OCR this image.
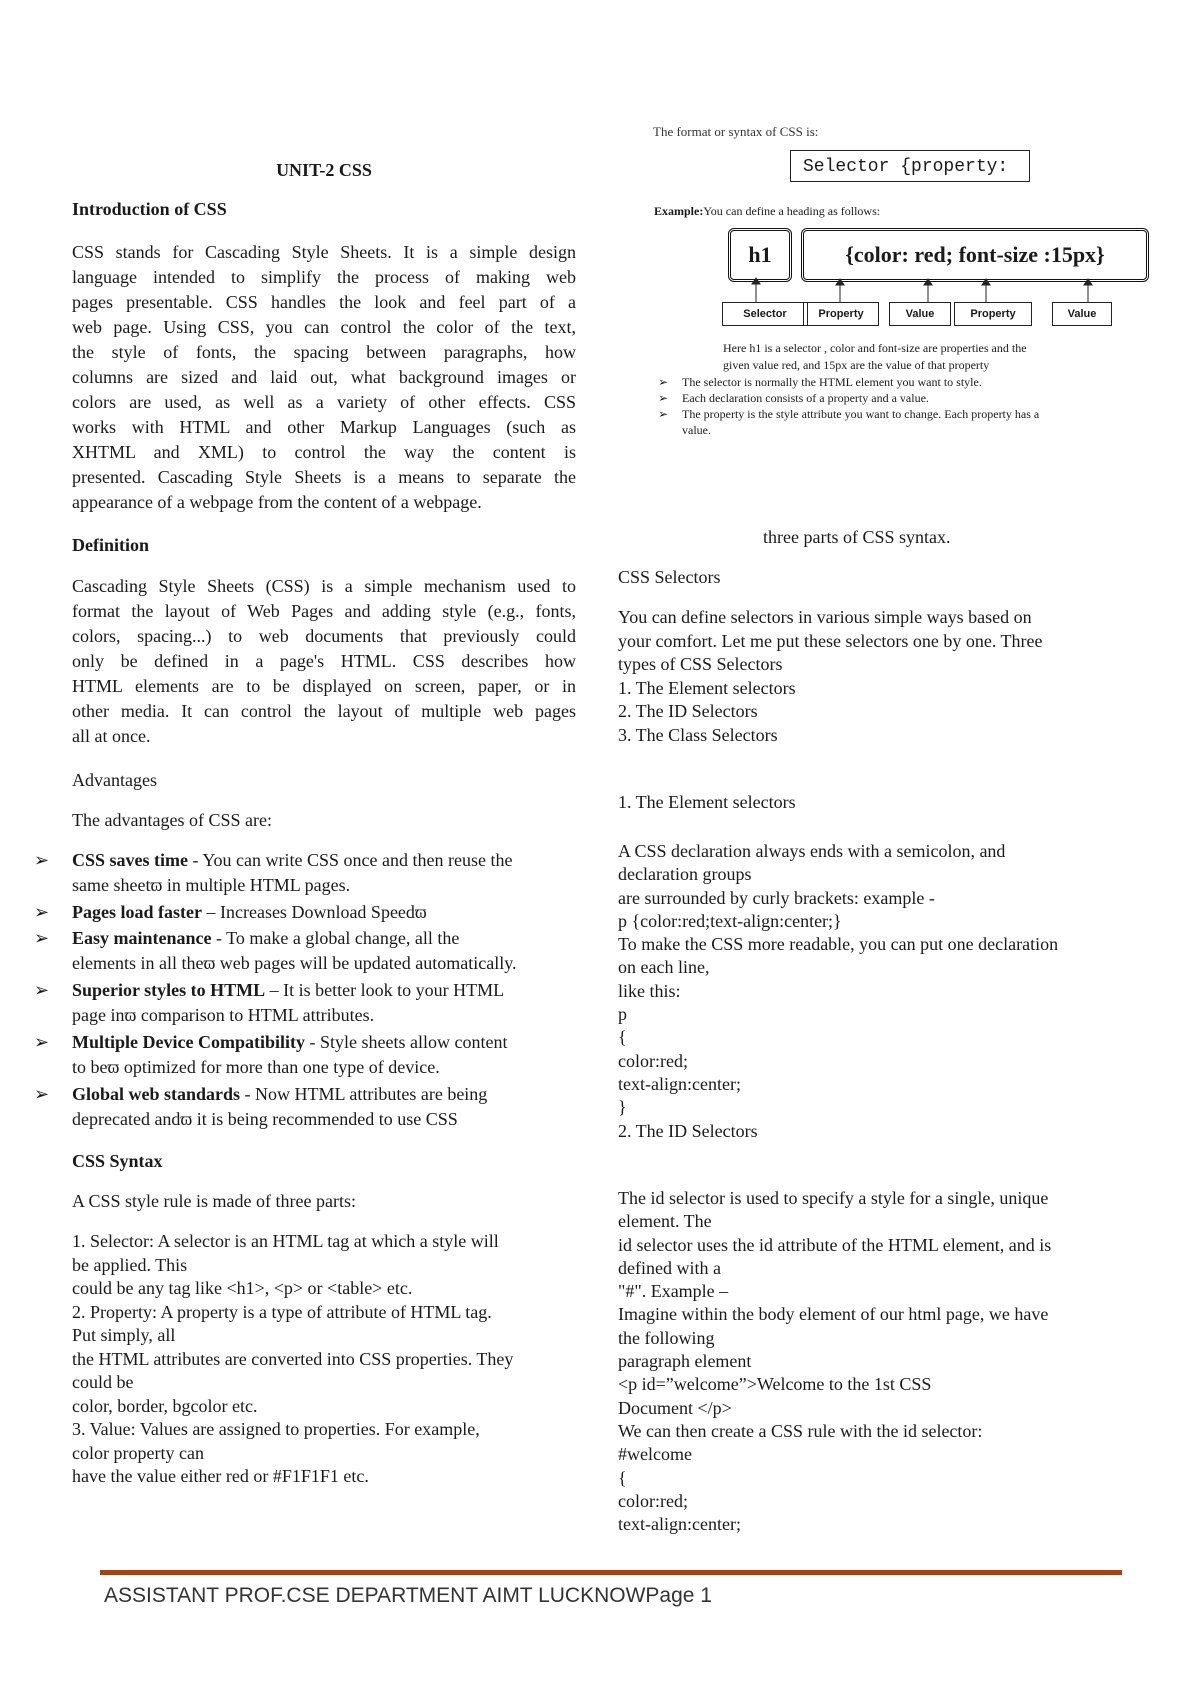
UNIT-2 CSS
Introduction of CSS
CSS stands for Cascading Style Sheets. It is a simple design
language intended to simplify the process of making web
pages presentable. CSS handles the look and feel part of a
web page. Using CSS, you can control the color of the text,
the style of fonts, the spacing between paragraphs, how
columns are sized and laid out, what background images or
colors are used, as well as a variety of other effects. CSS
works with HTML and other Markup Languages (such as
XHTML and XML) to control the way the content is
presented. Cascading Style Sheets is a means to separate the
appearance of a webpage from the content of a webpage.
Definition
Cascading Style Sheets (CSS) is a simple mechanism used to
format the layout of Web Pages and adding style (e.g., fonts,
colors, spacing...) to web documents that previously could
only be defined in a page's HTML. CSS describes how
HTML elements are to be displayed on screen, paper, or in
other media. It can control the layout of multiple web pages
all at once.
Advantages
The advantages of CSS are:
➢ CSS saves time - You can write CSS once and then reuse the
same sheetϖ in multiple HTML pages.
➢ Pages load faster – Increases Download Speedϖ
➢ Easy maintenance - To make a global change, all the
elements in all theϖ web pages will be updated automatically.
➢ Superior styles to HTML – It is better look to your HTML
page inϖ comparison to HTML attributes.
➢ Multiple Device Compatibility - Style sheets allow content
to beϖ optimized for more than one type of device.
➢ Global web standards - Now HTML attributes are being
deprecated andϖ it is being recommended to use CSS
CSS Syntax
A CSS style rule is made of three parts:
1. Selector: A selector is an HTML tag at which a style will
be applied. This
could be any tag like <h1>, <p> or <table> etc.
2. Property: A property is a type of attribute of HTML tag.
Put simply, all
the HTML attributes are converted into CSS properties. They
could be
color, border, bgcolor etc.
3. Value: Values are assigned to properties. For example,
color property can
have the value either red or #F1F1F1 etc.
The format or syntax of CSS is:
Selector {property:
Example:You can define a heading as follows:
h1	{color: red; font-size :15px}
Selector	Property	Value	Property	Value
Here h1 is a selector , color and font-size are properties and the
given value red, and 15px are the value of that property
➢The selector is normally the HTML element you want to style.
➢Each declaration consists of a property and a value.
➢The property is the style attribute you want to change. Each property has a
value.
three parts of CSS syntax.
CSS Selectors
You can define selectors in various simple ways based on
your comfort. Let me put these selectors one by one. Three
types of CSS Selectors
1. The Element selectors
2. The ID Selectors
3. The Class Selectors
1. The Element selectors
A CSS declaration always ends with a semicolon, and
declaration groups
are surrounded by curly brackets: example -
p {color:red;text-align:center;}
To make the CSS more readable, you can put one declaration
on each line,
like this:
p
{
color:red;
text-align:center;
}
2. The ID Selectors
The id selector is used to specify a style for a single, unique
element. The
id selector uses the id attribute of the HTML element, and is
defined with a
"#". Example –
Imagine within the body element of our html page, we have
the following
paragraph element
<p id=”welcome”>Welcome to the 1st CSS
Document </p>
We can then create a CSS rule with the id selector:
#welcome
{
color:red;
text-align:center;
ASSISTANT PROF.CSE DEPARTMENT AIMT LUCKNOWPage 1
